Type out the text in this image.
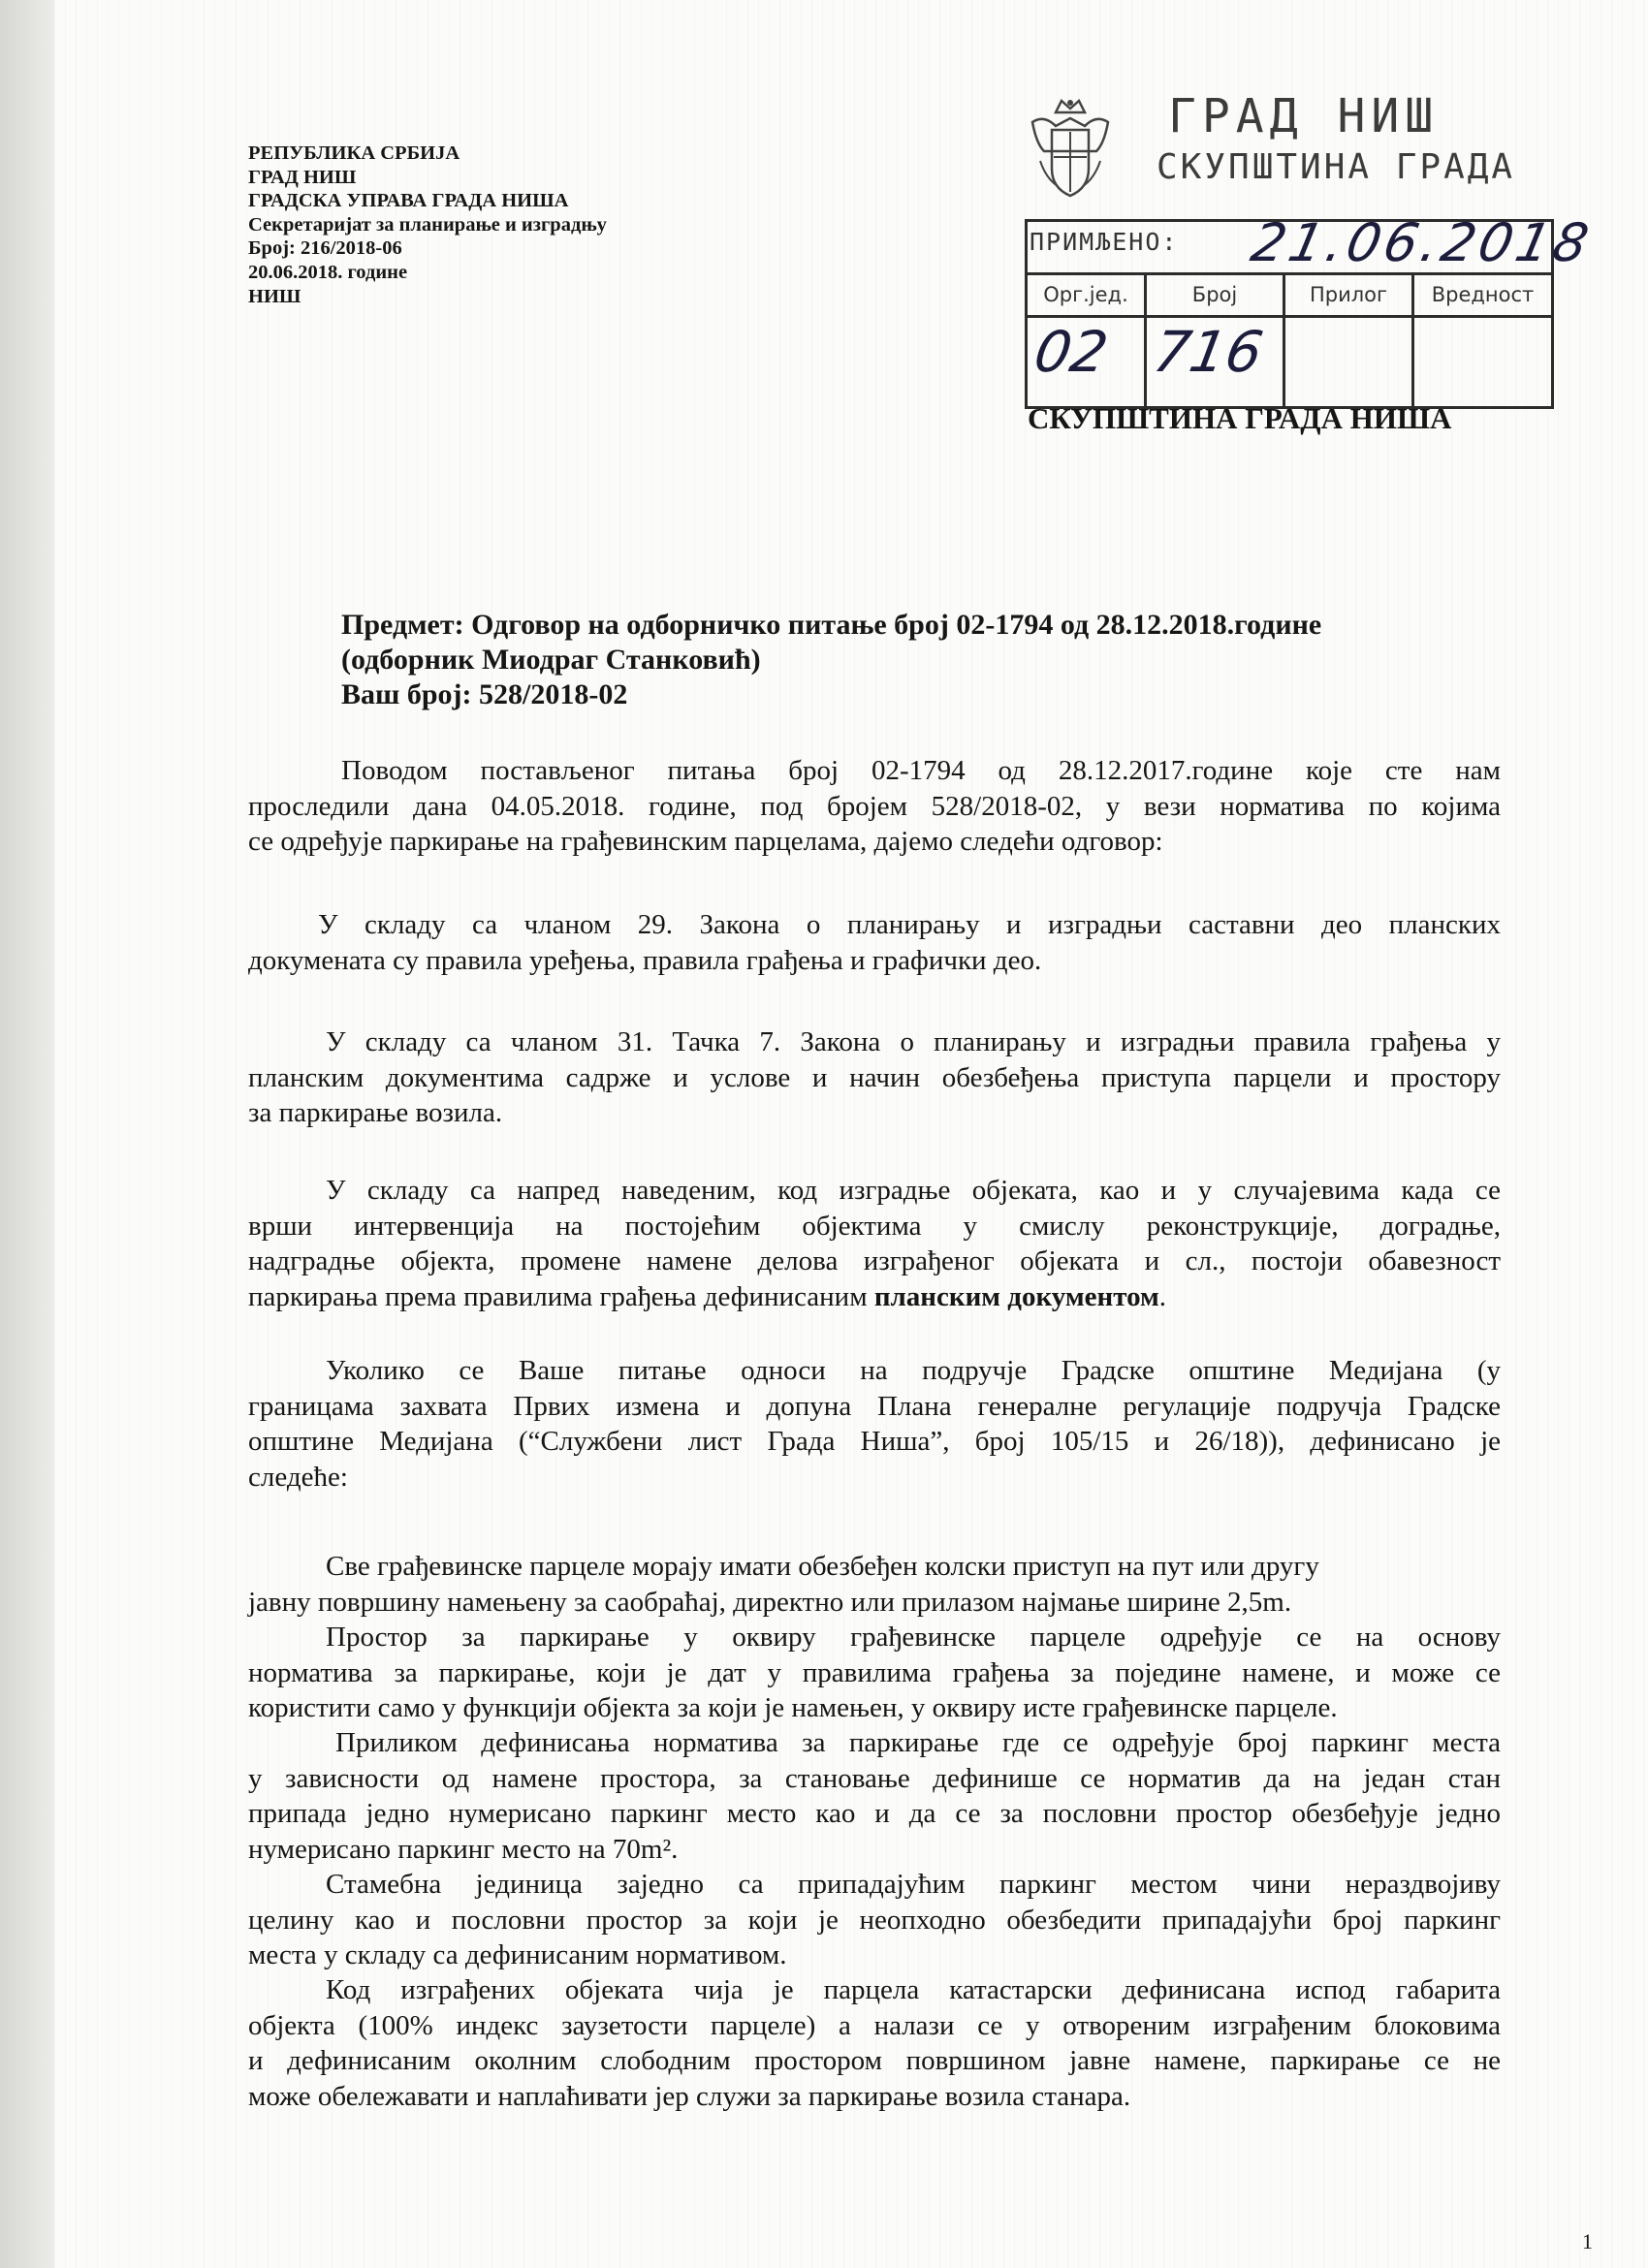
РЕПУБЛИКА СРБИЈА
ГРАД НИШ
ГРАДСКА УПРАВА ГРАДА НИША
Секретаријат за планирање и изградњу
Број: 216/2018-06
20.06.2018. године
НИШ
ГРАД НИШ
СКУПШТИНА ГРАДА
ПРИМЉЕНО: 21.06.2018
Орг.јед.
02
Број
716
Прилог	Вредност
СКУПШТИНА ГРАДА НИША
Предмет: Одговор на одборничко питање број 02-1794 од 28.12.2018.године
(одборник Миодраг Станковић)
Ваш број: 528/2018-02
Поводом постављеног питања број 02-1794 од 28.12.2017.године које сте нам
проследили дана 04.05.2018. године, под бројем 528/2018-02, у вези норматива по којима
се одређује паркирање на грађевинским парцелама, дајемо следећи одговор:
У складу са чланом 29. Закона о планирању и изградњи саставни део планских
докумената су правила уређења, правила грађења и графички део.
У складу са чланом 31. Тачка 7. Закона о планирању и изградњи правила грађења у
планским документима садрже и услове и начин обезбеђења приступа парцели и простору
за паркирање возила.
У складу са напред наведеним, код изградње објеката, као и у случајевима када се
врши интервенција на постојећим објектима у смислу реконструкције, доградње,
надградње објекта, промене намене делова изграђеног објеката и сл., постоји обавезност
паркирања према правилима грађења дефинисаним планским документом.
Уколико се Ваше питање односи на подручје Градске општине Медијана (у
границама захвата Првих измена и допуна Плана генералне регулације подручја Градске
општине Медијана (“Службени лист Града Ниша”, број 105/15 и 26/18)), дефинисано је
следеће:
Све грађевинске парцеле морају имати обезбеђен колски приступ на пут или другу
јавну површину намењену за саобраћај, директно или прилазом најмање ширине 2,5m.
Простор за паркирање у оквиру грађевинске парцеле одређује се на основу
норматива за паркирање, који је дат у правилима грађења за поједине намене, и може се
користити само у функцији објекта за који је намењен, у оквиру исте грађевинске парцеле.
Приликом дефинисања норматива за паркирање где се одређује број паркинг места
у зависности од намене простора, за становање дефинише се норматив да на један стан
припада једно нумерисано паркинг место као и да се за пословни простор обезбеђује једно
нумерисано паркинг место на 70m².
Стамебна јединица заједно са припадајућим паркинг местом чини нераздвојиву
целину као и пословни простор за који је неопходно обезбедити припадајући број паркинг
места у складу са дефинисаним нормативом.
Код изграђених објеката чија је парцела катастарски дефинисана испод габарита
објекта (100% индекс заузетости парцеле) а налази се у отвореним изграђеним блоковима
и дефинисаним околним слободним простором површином јавне намене, паркирање се не
може обележавати и наплаћивати јер служи за паркирање возила станара.
1
